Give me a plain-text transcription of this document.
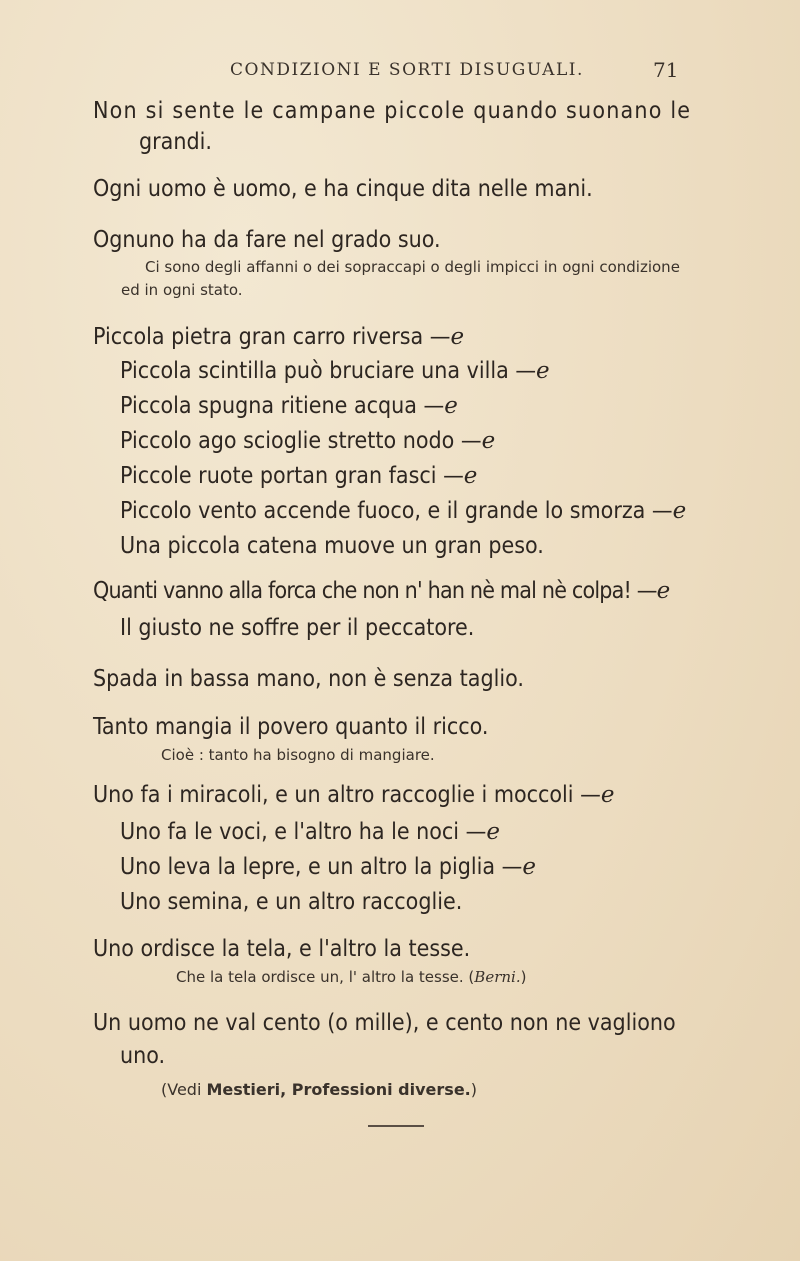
CONDIZIONI E SORTI DISUGUALI.	71
Non si sente le campane piccole quando suonano le
grandi.
Ogni uomo è uomo, e ha cinque dita nelle mani.
Ognuno ha da fare nel grado suo.
Ci sono degli affanni o dei sopraccapi o degli impicci in ogni condizione
ed in ogni stato.
Piccola pietra gran carro riversa —e
Piccola scintilla può bruciare una villa —e
Piccola spugna ritiene acqua —e
Piccolo ago scioglie stretto nodo —e
Piccole ruote portan gran fasci —e
Piccolo vento accende fuoco, e il grande lo smorza —e
Una piccola catena muove un gran peso.
Quanti vanno alla forca che non n' han nè mal nè colpa! —e
Il giusto ne soffre per il peccatore.
Spada in bassa mano, non è senza taglio.
Tanto mangia il povero quanto il ricco.
Cioè : tanto ha bisogno di mangiare.
Uno fa i miracoli, e un altro raccoglie i moccoli —e
Uno fa le voci, e l'altro ha le noci —e
Uno leva la lepre, e un altro la piglia —e
Uno semina, e un altro raccoglie.
Uno ordisce la tela, e l'altro la tesse.
Che la tela ordisce un, l' altro la tesse. (Berni.)
Un uomo ne val cento (o mille), e cento non ne vagliono
uno.
(Vedi Mestieri, Professioni diverse.)
